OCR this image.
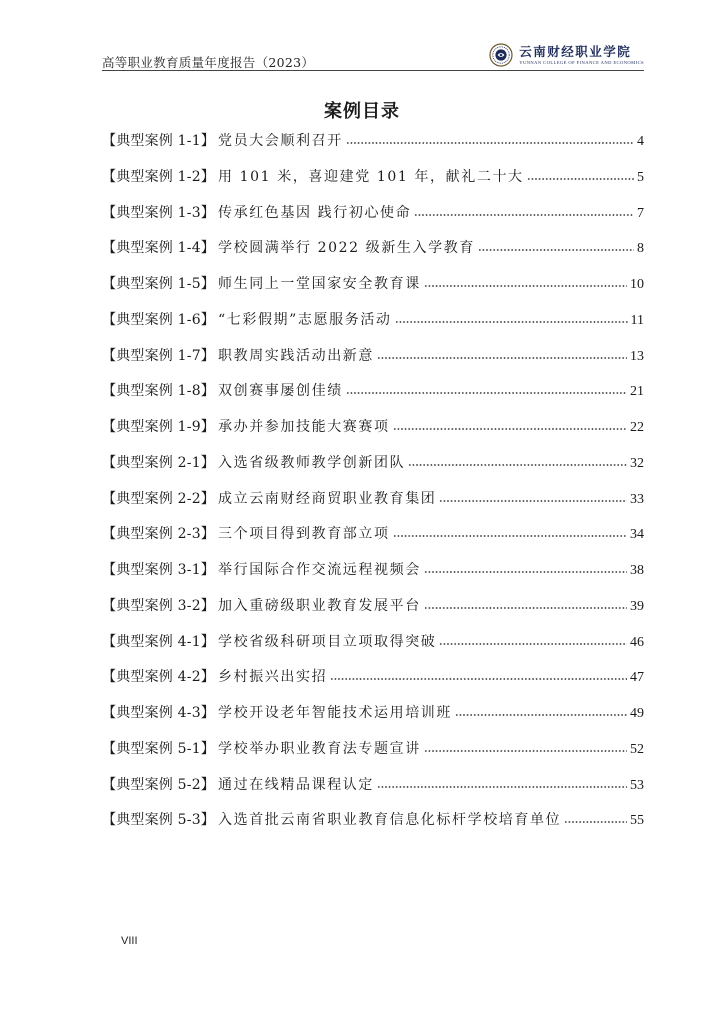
高等职业教育质量年度报告（2023）
云南财经职业学院
YUNNAN COLLEGE OF FINANCE AND ECONOMICS
案例目录
【典型案例 1-1】 党员大会顺利召开	4
【典型案例 1-2】 用 101 米，喜迎建党 101 年，献礼二十大	5
【典型案例 1-3】 传承红色基因 践行初心使命	7
【典型案例 1-4】 学校圆满举行 2022 级新生入学教育	8
【典型案例 1-5】 师生同上一堂国家安全教育课	10
【典型案例 1-6】 “七彩假期”志愿服务活动	11
【典型案例 1-7】 职教周实践活动出新意	13
【典型案例 1-8】 双创赛事屡创佳绩	21
【典型案例 1-9】 承办并参加技能大赛赛项	22
【典型案例 2-1】 入选省级教师教学创新团队	32
【典型案例 2-2】 成立云南财经商贸职业教育集团	33
【典型案例 2-3】 三个项目得到教育部立项	34
【典型案例 3-1】 举行国际合作交流远程视频会	38
【典型案例 3-2】 加入重磅级职业教育发展平台	39
【典型案例 4-1】 学校省级科研项目立项取得突破	46
【典型案例 4-2】 乡村振兴出实招	47
【典型案例 4-3】 学校开设老年智能技术运用培训班	49
【典型案例 5-1】 学校举办职业教育法专题宣讲	52
【典型案例 5-2】 通过在线精品课程认定	53
【典型案例 5-3】 入选首批云南省职业教育信息化标杆学校培育单位	55
VIII
